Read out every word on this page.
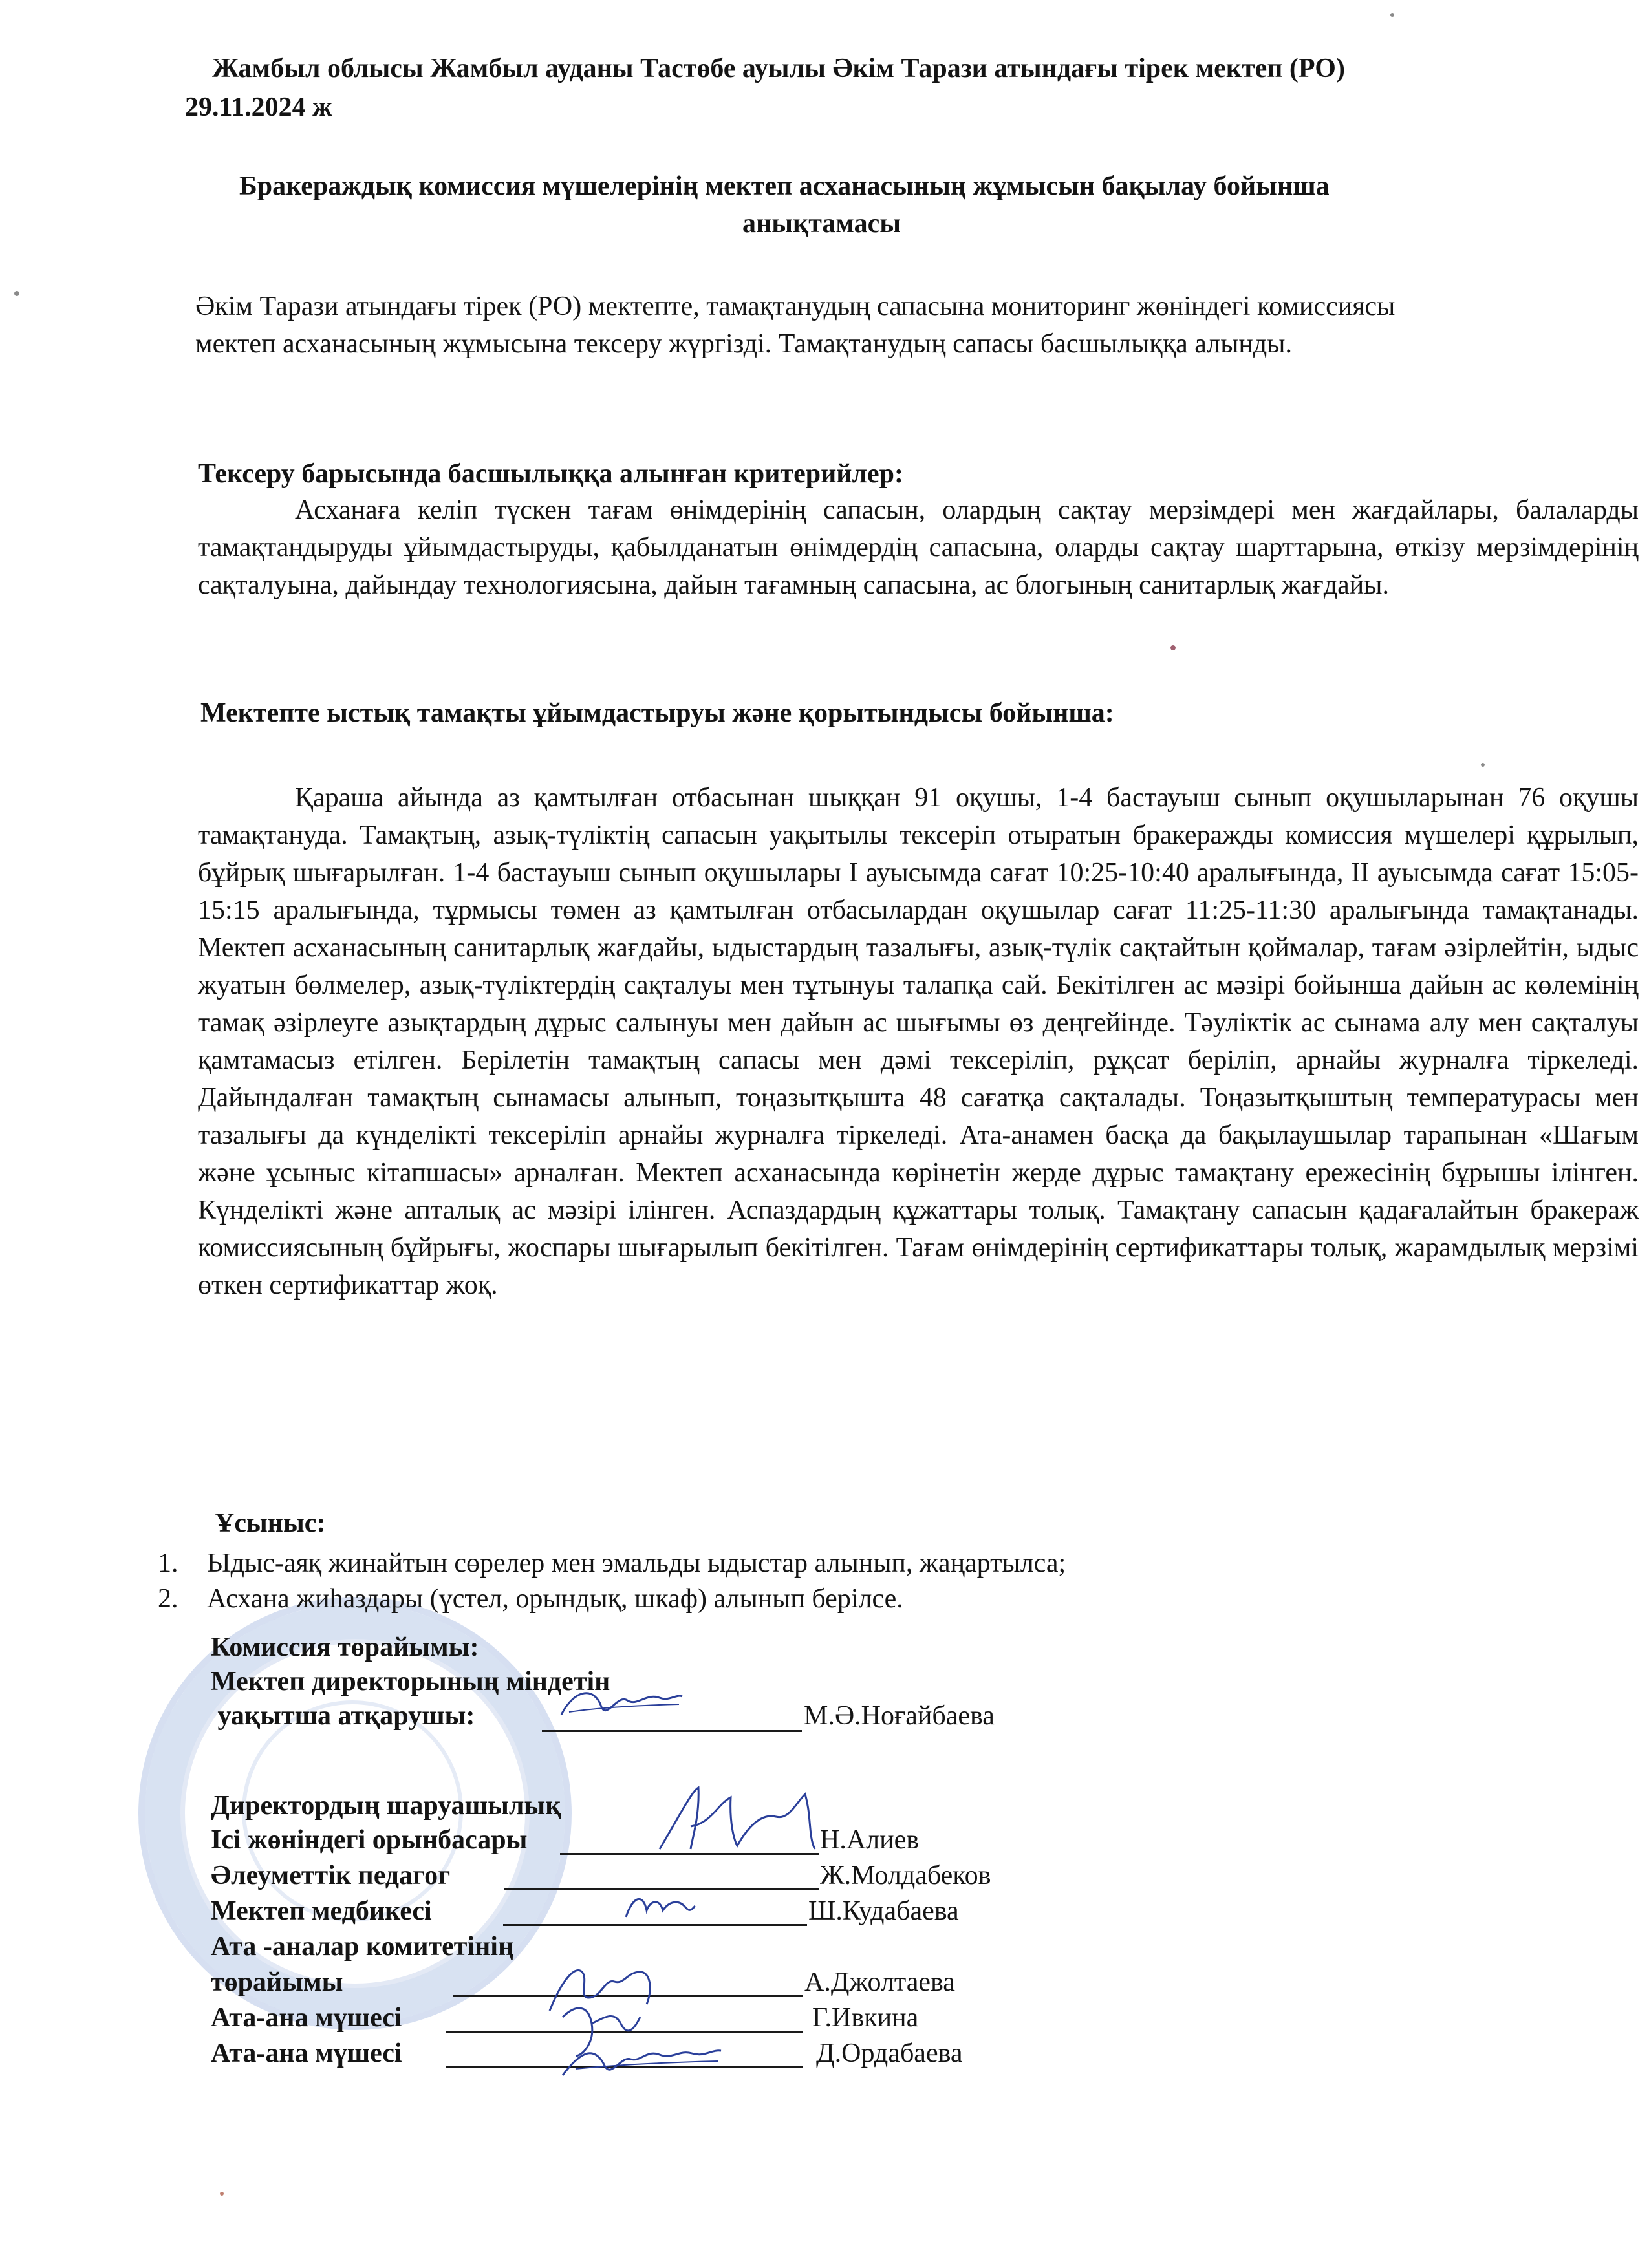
Жамбыл облысы Жамбыл ауданы Тастөбе ауылы Әкім Тарази атындағы тірек мектеп (РО)
29.11.2024 ж
Бракераждық комиссия мүшелерінің мектеп асханасының жұмысын бақылау бойынша
анықтамасы
Әкім Тарази атындағы тірек (РО) мектепте, тамақтанудың сапасына мониторинг жөніндегі комиссиясы мектеп асханасының жұмысына тексеру жүргізді. Тамақтанудың сапасы басшылыққа алынды.
Тексеру барысында басшылыққа алынған критерийлер:
Асханаға келіп түскен тағам өнімдерінің сапасын, олардың сақтау мерзімдері мен жағдайлары, балаларды тамақтандыруды ұйымдастыруды, қабылданатын өнімдердің сапасына, оларды сақтау шарттарына, өткізу мерзімдерінің сақталуына, дайындау технологиясына, дайын тағамның сапасына, ас блогының санитарлық жағдайы.
Мектепте ыстық тамақты ұйымдастыруы және қорытындысы бойынша:
Қараша айында аз қамтылған отбасынан шыққан 91 оқушы, 1-4 бастауыш сынып оқушыларынан 76 оқушы тамақтануда. Тамақтың, азық-түліктің сапасын уақытылы тексеріп отыратын бракеражды комиссия мүшелері құрылып, бұйрық шығарылған. 1-4 бастауыш сынып оқушылары I ауысымда сағат 10:25-10:40 аралығында, II ауысымда сағат 15:05-15:15 аралығында, тұрмысы төмен аз қамтылған отбасылардан оқушылар сағат 11:25-11:30 аралығында тамақтанады. Мектеп асханасының санитарлық жағдайы, ыдыстардың тазалығы, азық-түлік сақтайтын қоймалар, тағам әзірлейтін, ыдыс жуатын бөлмелер, азық-түліктердің сақталуы мен тұтынуы талапқа сай. Бекітілген ас мәзірі бойынша дайын ас көлемінің тамақ әзірлеуге азықтардың дұрыс салынуы мен дайын ас шығымы өз деңгейінде. Тәуліктік ас сынама алу мен сақталуы қамтамасыз етілген. Берілетін тамақтың сапасы мен дәмі тексеріліп, рұқсат беріліп, арнайы журналға тіркеледі. Дайындалған тамақтың сынамасы алынып, тоңазытқышта 48 сағатқа сақталады. Тоңазытқыштың температурасы мен тазалығы да күнделікті тексеріліп арнайы журналға тіркеледі. Ата-анамен басқа да бақылаушылар тарапынан «Шағым және ұсыныс кітапшасы» арналған. Мектеп асханасында көрінетін жерде дұрыс тамақтану ережесінің бұрышы ілінген. Күнделікті және апталық ас мәзірі ілінген. Аспаздардың құжаттары толық. Тамақтану сапасын қадағалайтын бракераж комиссиясының бұйрығы, жоспары шығарылып бекітілген. Тағам өнімдерінің сертификаттары толық, жарамдылық мерзімі өткен сертификаттар жоқ.
Ұсыныс:
1. Ыдыс-аяқ жинайтын сөрелер мен эмальды ыдыстар алынып, жаңартылса;
2. Асхана жиһаздары (үстел, орындық, шкаф) алынып берілсе.
Комиссия төрайымы:
Мектеп директорының міндетін
уақытша атқарушы:	М.Ә.Ноғайбаева
Директордың шаруашылық
Ісі жөніндегі орынбасары	Н.Алиев
Әлеуметтік педагог	Ж.Молдабеков
Мектеп медбикесі	Ш.Кудабаева
Ата -аналар комитетінің
төрайымы	А.Джолтаева
Ата-ана мүшесі	Г.Ивкина
Ата-ана мүшесі	Д.Ордабаева
